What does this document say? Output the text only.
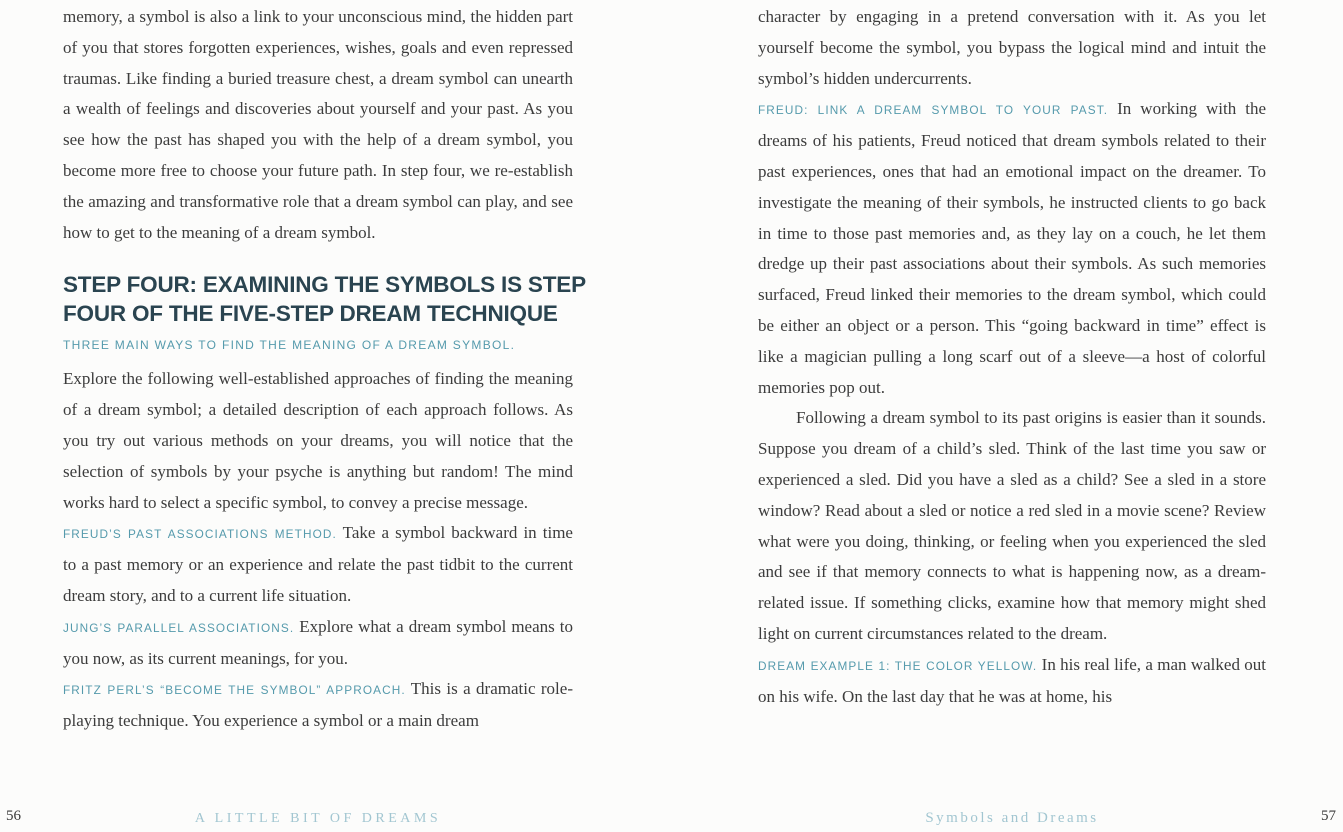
memory, a symbol is also a link to your unconscious mind, the hidden part of you that stores forgotten experiences, wishes, goals and even repressed traumas. Like finding a buried treasure chest, a dream symbol can unearth a wealth of feelings and discoveries about yourself and your past. As you see how the past has shaped you with the help of a dream symbol, you become more free to choose your future path. In step four, we re-establish the amazing and transformative role that a dream symbol can play, and see how to get to the meaning of a dream symbol.
STEP FOUR: EXAMINING THE SYMBOLS IS STEP
FOUR OF THE FIVE-STEP DREAM TECHNIQUE
THREE MAIN WAYS TO FIND THE MEANING OF A DREAM SYMBOL.
Explore the following well-established approaches of finding the meaning of a dream symbol; a detailed description of each approach follows. As you try out various methods on your dreams, you will notice that the selection of symbols by your psyche is anything but random! The mind works hard to select a specific symbol, to convey a precise message.
FREUD’S PAST ASSOCIATIONS METHOD. Take a symbol backward in time to a past memory or an experience and relate the past tidbit to the current dream story, and to a current life situation.
JUNG’S PARALLEL ASSOCIATIONS. Explore what a dream symbol means to you now, as its current meanings, for you.
FRITZ PERL’S “BECOME THE SYMBOL” APPROACH. This is a dramatic role-playing technique. You experience a symbol or a main dream
character by engaging in a pretend conversation with it. As you let yourself become the symbol, you bypass the logical mind and intuit the symbol’s hidden undercurrents.
FREUD: LINK A DREAM SYMBOL TO YOUR PAST. In working with the dreams of his patients, Freud noticed that dream symbols related to their past experiences, ones that had an emotional impact on the dreamer. To investigate the meaning of their symbols, he instructed clients to go back in time to those past memories and, as they lay on a couch, he let them dredge up their past associations about their symbols. As such memories surfaced, Freud linked their memories to the dream symbol, which could be either an object or a person. This “going backward in time” effect is like a magician pulling a long scarf out of a sleeve—a host of colorful memories pop out.
Following a dream symbol to its past origins is easier than it sounds. Suppose you dream of a child’s sled. Think of the last time you saw or experienced a sled. Did you have a sled as a child? See a sled in a store window? Read about a sled or notice a red sled in a movie scene? Review what were you doing, thinking, or feeling when you experienced the sled and see if that memory connects to what is happening now, as a dream-related issue. If something clicks, examine how that memory might shed light on current circumstances related to the dream.
DREAM EXAMPLE 1: THE COLOR YELLOW. In his real life, a man walked out on his wife. On the last day that he was at home, his
56	A LITTLE BIT OF DREAMS	Symbols and Dreams	57
